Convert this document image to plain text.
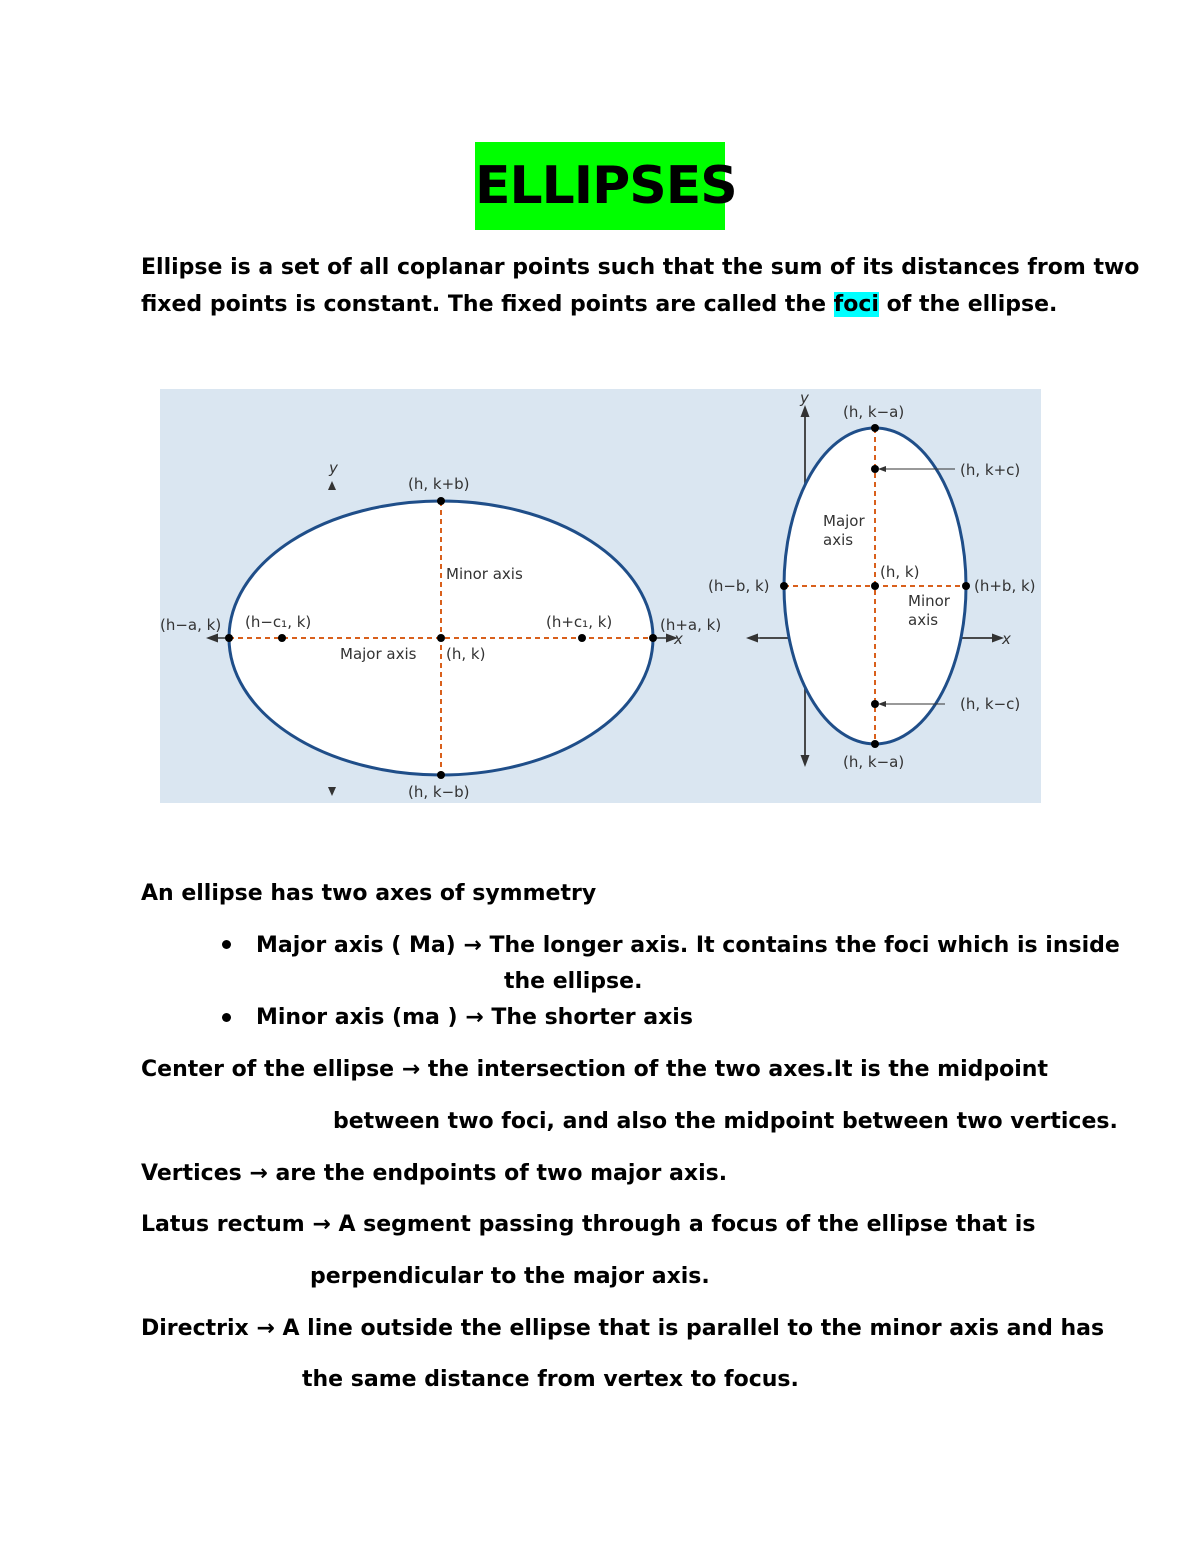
ELLIPSES
Ellipse is a set of all coplanar points such that the sum of its distances from two
fixed points is constant. The fixed points are called the foci of the ellipse.
y
x
(h, k+b)
(h, k−b)
(h−a, k)	(h+a, k)
(h−c₁, k)	(h+c₁, k)
(h, k)
Minor axis
Major axis
y
x
(h, k−a)
(h, k+c)
(h−b, k)	(h+b, k)
(h, k)
(h, k−c)
(h, k−a)
Major
axis
Minor
axis
An ellipse has two axes of symmetry
Major axis ( Ma) → The longer axis. It contains the foci which is inside
the ellipse.
Minor axis (ma ) → The shorter axis
Center of the ellipse → the intersection of the two axes.It is the midpoint
between two foci, and also the midpoint between two vertices.
Vertices → are the endpoints of two major axis.
Latus rectum → A segment passing through a focus of the ellipse that is
perpendicular to the major axis.
Directrix → A line outside the ellipse that is parallel to the minor axis and has
the same distance from vertex to focus.
